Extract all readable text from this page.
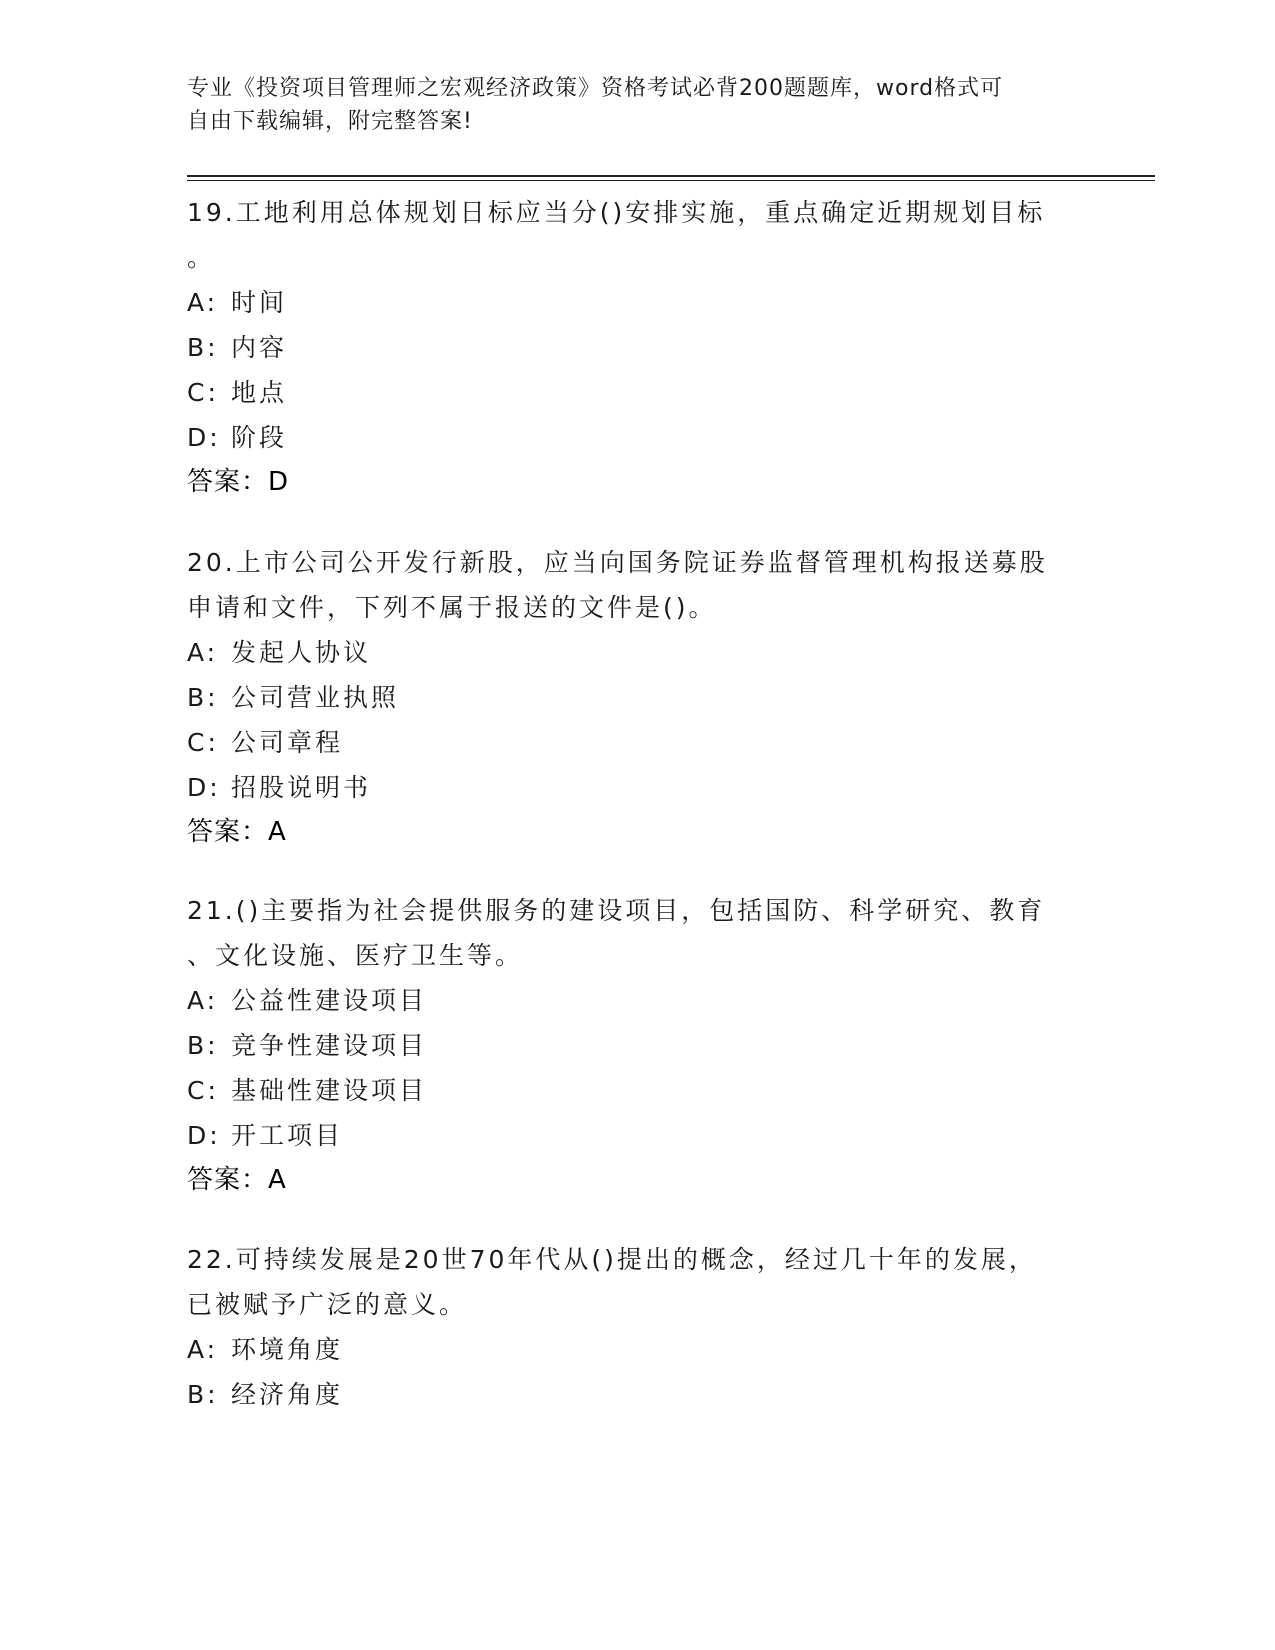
专业《投资项目管理师之宏观经济政策》资格考试必背200题题库，word格式可
自由下载编辑，附完整答案!

19.工地利用总体规划日标应当分()安排实施，重点确定近期规划目标

。

A: 时间

B: 内容

C: 地点

D: 阶段

答案：D

20.上市公司公开发行新股，应当向国务院证券监督管理机构报送募股

申请和文件，下列不属于报送的文件是()。

A: 发起人协议

B: 公司营业执照

C: 公司章程

D: 招股说明书

答案：A

21.()主要指为社会提供服务的建设项目，包括国防、科学研究、教育

、文化设施、医疗卫生等。

A: 公益性建设项目

B: 竞争性建设项目

C: 基础性建设项目

D: 开工项目

答案：A

22.可持续发展是20世70年代从()提出的概念，经过几十年的发展，

已被赋予广泛的意义。

A: 环境角度

B: 经济角度
